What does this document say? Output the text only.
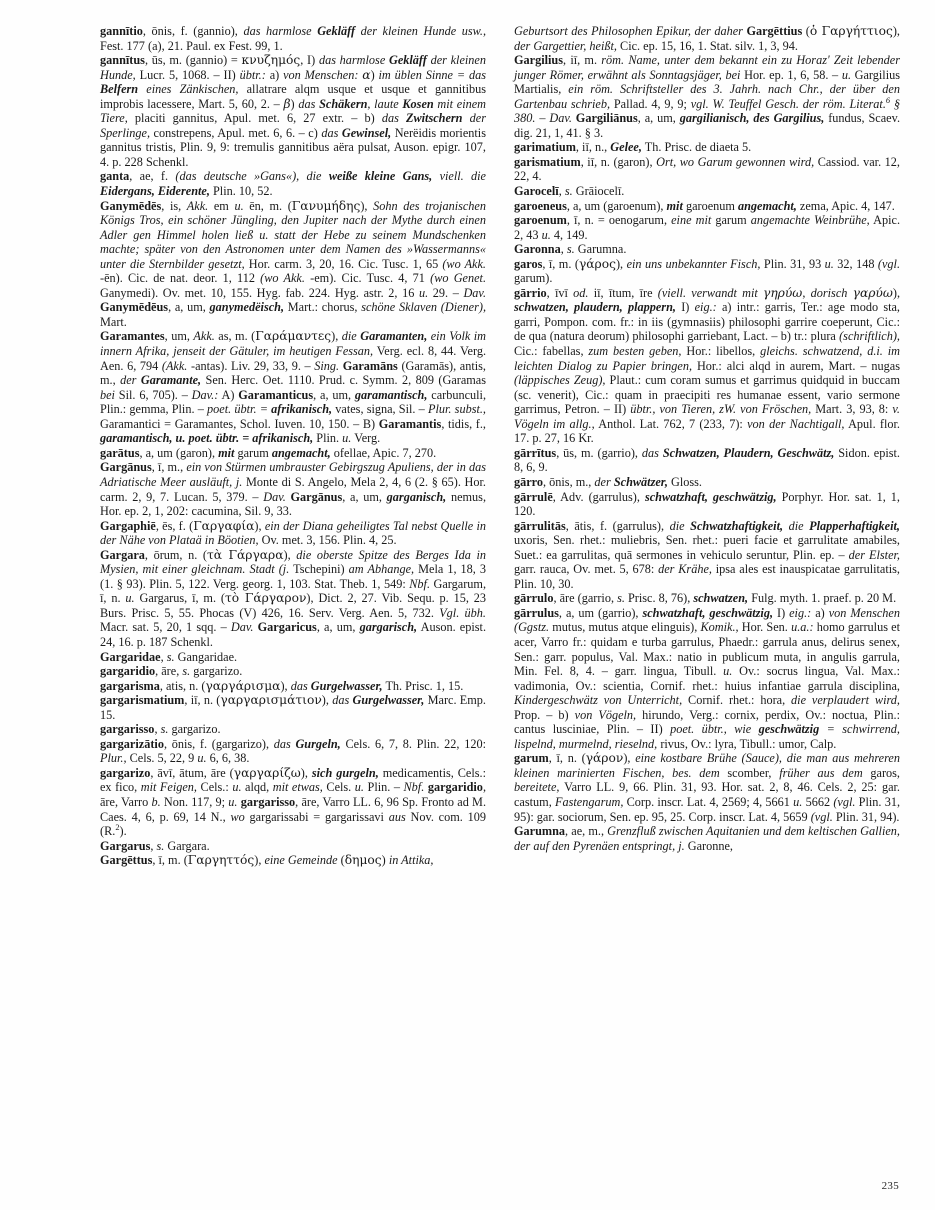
gannītio, ōnis, f. (gannio), das harmlose Gekläff der kleinen Hunde usw., Fest. 177 (a), 21. Paul. ex Fest. 99, 1.

gannītus, ūs, m. (gannio) = κνυζημός, I) das harmlose Gekläff der kleinen Hunde, Lucr. 5, 1068. – II) übtr.: a) von Menschen: α) im üblen Sinne = das Belfern eines Zänkischen, allatrare alqm usque et usque et gannitibus improbis lacessere, Mart. 5, 60, 2. – β) das Schäkern, laute Kosen mit einem Tiere, placiti gannitus, Apul. met. 6, 27 extr. – b) das Zwitschern der Sperlinge, constrepens, Apul. met. 6, 6. – c) das Gewinsel, Nerëidis morientis gannitus tristis, Plin. 9, 9: tremulis gannitibus aëra pulsat, Auson. epigr. 107, 4. p. 228 Schenkl.

ganta, ae, f. (das deutsche »Gans«), die weiße kleine Gans, viell. die Eidergans, Eiderente, Plin. 10, 52.

Ganymēdēs, is, Akk. em u. ēn, m. (Γανυμήδης), Sohn des trojanischen Königs Tros, ein schöner Jüngling, den Jupiter nach der Mythe durch einen Adler gen Himmel holen ließ u. statt der Hebe zu seinem Mundschenken machte; später von den Astronomen unter dem Namen des »Wassermanns« unter die Sternbilder gesetzt, Hor. carm. 3, 20, 16. Cic. Tusc. 1, 65 (wo Akk. -ēn). Cic. de nat. deor. 1, 112 (wo Akk. -em). Cic. Tusc. 4, 71 (wo Genet. Ganymedi). Ov. met. 10, 155. Hyg. fab. 224. Hyg. astr. 2, 16 u. 29. – Dav. Ganymēdēus, a, um, ganymedëisch, Mart.: chorus, schöne Sklaven (Diener), Mart.

Garamantes, um, Akk. as, m. (Γαράμαντες), die Garamanten, ein Volk im innern Afrika, jenseit der Gätuler, im heutigen Fessan, Verg. ecl. 8, 44. Verg. Aen. 6, 794 (Akk. -antas). Liv. 29, 33, 9. – Sing. Garamāns (Garamās), antis, m., der Garamante, Sen. Herc. Oet. 1110. Prud. c. Symm. 2, 809 (Garamas bei Sil. 6, 705). – Dav.: A) Garamanticus, a, um, garamantisch, carbunculi, Plin.: gemma, Plin. – poet. übtr. = afrikanisch, vates, signa, Sil. – Plur. subst., Garamantici = Garamantes, Schol. Iuven. 10, 150. – B) Garamantis, tidis, f., garamantisch, u. poet. übtr. = afrikanisch, Plin. u. Verg.

garātus, a, um (garon), mit garum angemacht, ofellae, Apic. 7, 270.

Gargānus, ī, m., ein von Stürmen umbrauster Gebirgszug Apuliens, der in das Adriatische Meer ausläuft, j. Monte di S. Angelo, Mela 2, 4, 6 (2. § 65). Hor. carm. 2, 9, 7. Lucan. 5, 379. – Dav. Gargānus, a, um, garganisch, nemus, Hor. ep. 2, 1, 202: cacumina, Sil. 9, 33.

Gargaphiē, ēs, f. (Γαργαφία), ein der Diana geheiligtes Tal nebst Quelle in der Nähe von Plataä in Böotien, Ov. met. 3, 156. Plin. 4, 25.

Gargara, ōrum, n. (τὰ Γάργαρα), die oberste Spitze des Berges Ida in Mysien, mit einer gleichnam. Stadt (j. Tschepini) am Abhange, Mela 1, 18, 3 (1. § 93). Plin. 5, 122. Verg. georg. 1, 103. Stat. Theb. 1, 549: Nbf. Gargarum, ī, n. u. Gargarus, ī, m. (τὸ Γάργαρον), Dict. 2, 27. Vib. Sequ. p. 15, 23 Burs. Prisc. 5, 55. Phocas (V) 426, 16. Serv. Verg. Aen. 5, 732. Vgl. übh. Macr. sat. 5, 20, 1 sqq. – Dav. Gargaricus, a, um, gargarisch, Auson. epist. 24, 16. p. 187 Schenkl.

Gargaridae, s. Gangaridae.

gargaridio, āre, s. gargarizo.

gargarisma, atis, n. (γαργάρισμα), das Gurgelwasser, Th. Prisc. 1, 15.

gargarismatium, iī, n. (γαργαρισμάτιον), das Gurgelwasser, Marc. Emp. 15.

gargarisso, s. gargarizo.

gargarizātio, ōnis, f. (gargarizo), das Gurgeln, Cels. 6, 7, 8. Plin. 22, 120: Plur., Cels. 5, 22, 9 u. 6, 6, 38.

gargarizo, āvī, ātum, āre (γαργαρίζω), sich gurgeln, medicamentis, Cels.: ex fico, mit Feigen, Cels.: u. alqd, mit etwas, Cels. u. Plin. – Nbf. gargaridio, āre, Varro b. Non. 117, 9; u. gargarisso, āre, Varro LL. 6, 96 Sp. Fronto ad M. Caes. 4, 6, p. 69, 14 N., wo gargarissabi = gargarissavi aus Nov. com. 109 (R.$^2$).

Gargarus, s. Gargara.

Gargēttus, ī, m. (Γαργηττός), eine Gemeinde (δημος) in Attika,

Geburtsort des Philosophen Epikur, der daher Gargēttius (ὁ Γαργήττιος), der Gargettier, heißt, Cic. ep. 15, 16, 1. Stat. silv. 1, 3, 94.

Gargilius, iī, m. röm. Name, unter dem bekannt ein zu Horaz' Zeit lebender junger Römer, erwähnt als Sonntagsjäger, bei Hor. ep. 1, 6, 58. – u. Gargilius Martialis, ein röm. Schriftsteller des 3. Jahrh. nach Chr., der über den Gartenbau schrieb, Pallad. 4, 9, 9; vgl. W. Teuffel Gesch. der röm. Literat.$^6$ § 380. – Dav. Gargiliānus, a, um, gargilianisch, des Gargilius, fundus, Scaev. dig. 21, 1, 41. § 3.

garimatium, iī, n., Gelee, Th. Prisc. de diaeta 5.

garismatium, iī, n. (garon), Ort, wo Garum gewonnen wird, Cassiod. var. 12, 22, 4.

Garocelī, s. Grāiocelī.

garoeneus, a, um (garoenum), mit garoenum angemacht, zema, Apic. 4, 147.

garoenum, ī, n. = oenogarum, eine mit garum angemachte Weinbrühe, Apic. 2, 43 u. 4, 149.

Garonna, s. Garumna.

garos, ī, m. (γάρος), ein uns unbekannter Fisch, Plin. 31, 93 u. 32, 148 (vgl. garum).

gārrio, īvī od. iī, ītum, īre (viell. verwandt mit γηρύω, dorisch γαρύω), schwatzen, plaudern, plappern, I) eig.: a) intr.: garris, Ter.: age modo sta, garri, Pompon. com. fr.: in iis (gymnasiis) philosophi garrire coeperunt, Cic.: de qua (natura deorum) philosophi garriebant, Lact. – b) tr.: plura (schriftlich), Cic.: fabellas, zum besten geben, Hor.: libellos, gleichs. schwatzend, d.i. im leichten Dialog zu Papier bringen, Hor.: alci alqd in aurem, Mart. – nugas (läppisches Zeug), Plaut.: cum coram sumus et garrimus quidquid in buccam (sc. venerit), Cic.: quam in praecipiti res humanae essent, vario sermone garrimus, Petron. – II) übtr., von Tieren, zW. von Fröschen, Mart. 3, 93, 8: v. Vögeln im allg., Anthol. Lat. 762, 7 (233, 7): von der Nachtigall, Apul. flor. 17. p. 27, 16 Kr.

gārrītus, ūs, m. (garrio), das Schwatzen, Plaudern, Geschwätz, Sidon. epist. 8, 6, 9.

gārro, ōnis, m., der Schwätzer, Gloss.

gārrulē, Adv. (garrulus), schwatzhaft, geschwätzig, Porphyr. Hor. sat. 1, 1, 120.

gārrulitās, ātis, f. (garrulus), die Schwatzhaftigkeit, die Plapperhaftigkeit, uxoris, Sen. rhet.: muliebris, Sen. rhet.: pueri facie et garrulitate amabiles, Suet.: ea garrulitas, quā sermones in vehiculo seruntur, Plin. ep. – der Elster, garr. rauca, Ov. met. 5, 678: der Krähe, ipsa ales est inauspicatae garrulitatis, Plin. 10, 30.

gārrulo, āre (garrio, s. Prisc. 8, 76), schwatzen, Fulg. myth. 1. praef. p. 20 M.

gārrulus, a, um (garrio), schwatzhaft, geschwätzig, I) eig.: a) von Menschen (Ggstz. mutus, mutus atque elinguis), Komik., Hor. Sen. u.a.: homo garrulus et acer, Varro fr.: quidam e turba garrulus, Phaedr.: garrula anus, delirus senex, Sen.: garr. populus, Val. Max.: natio in publicum muta, in angulis garrula, Min. Fel. 8, 4. – garr. lingua, Tibull. u. Ov.: socrus lingua, Val. Max.: vadimonia, Ov.: scientia, Cornif. rhet.: huius infantiae garrula disciplina, Kindergeschwätz von Unterricht, Cornif. rhet.: hora, die verplaudert wird, Prop. – b) von Vögeln, hirundo, Verg.: cornix, perdix, Ov.: noctua, Plin.: cantus lusciniae, Plin. – II) poet. übtr., wie geschwätzig = schwirrend, lispelnd, murmelnd, rieselnd, rivus, Ov.: lyra, Tibull.: umor, Calp.

garum, ī, n. (γάρον), eine kostbare Brühe (Sauce), die man aus mehreren kleinen marinierten Fischen, bes. dem scomber, früher aus dem garos, bereitete, Varro LL. 9, 66. Plin. 31, 93. Hor. sat. 2, 8, 46. Cels. 2, 25: gar. castum, Fastengarum, Corp. inscr. Lat. 4, 2569; 4, 5661 u. 5662 (vgl. Plin. 31, 95): gar. sociorum, Sen. ep. 95, 25. Corp. inscr. Lat. 4, 5659 (vgl. Plin. 31, 94).

Garumna, ae, m., Grenzfluß zwischen Aquitanien und dem keltischen Gallien, der auf den Pyrenäen entspringt, j. Garonne,

235
